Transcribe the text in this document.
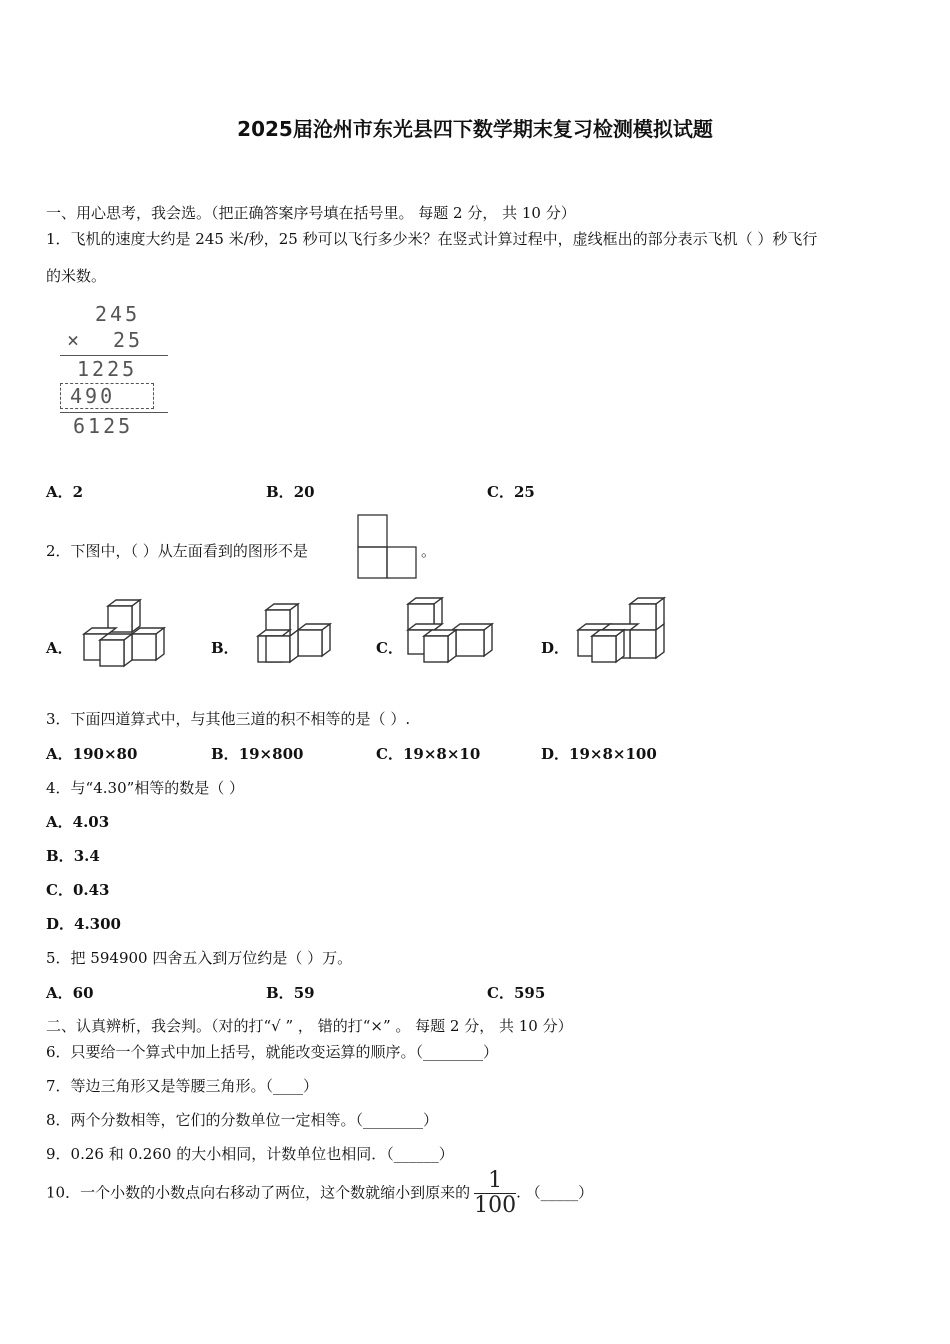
2025届沧州市东光县四下数学期末复习检测模拟试题
一、用心思考，我会选。（把正确答案序号填在括号里。 每题 2 分， 共 10 分）
1．飞机的速度大约是 245 米/秒，25 秒可以飞行多少米？在竖式计算过程中，虚线框出的部分表示飞机（ ）秒飞行
的米数。
245
× 25
1225
490
6125
A．2	B．20	C．25
2．下图中，（ ）从左面看到的图形不是	。
A．	B．	C．	D．
3．下面四道算式中，与其他三道的积不相等的是（ ）.
A．190×80	B．19×800	C．19×8×10	D．19×8×100
4．与“4.30”相等的数是（ ）
A．4.03
B．3.4
C．0.43
D．4.300
5．把 594900 四舍五入到万位约是（ ）万。
A．60	B．59	C．595
二、认真辨析，我会判。（对的打“√ ” ， 错的打“×” 。 每题 2 分， 共 10 分）
6．只要给一个算式中加上括号，就能改变运算的顺序。（________）
7．等边三角形又是等腰三角形。（____）
8．两个分数相等，它们的分数单位一定相等。（________）
9．0.26 和 0.260 的大小相同，计数单位也相同．（______）
10．一个小数的小数点向右移动了两位，这个数就缩小到原来的 $\frac{1}{100}$ . （_____）
